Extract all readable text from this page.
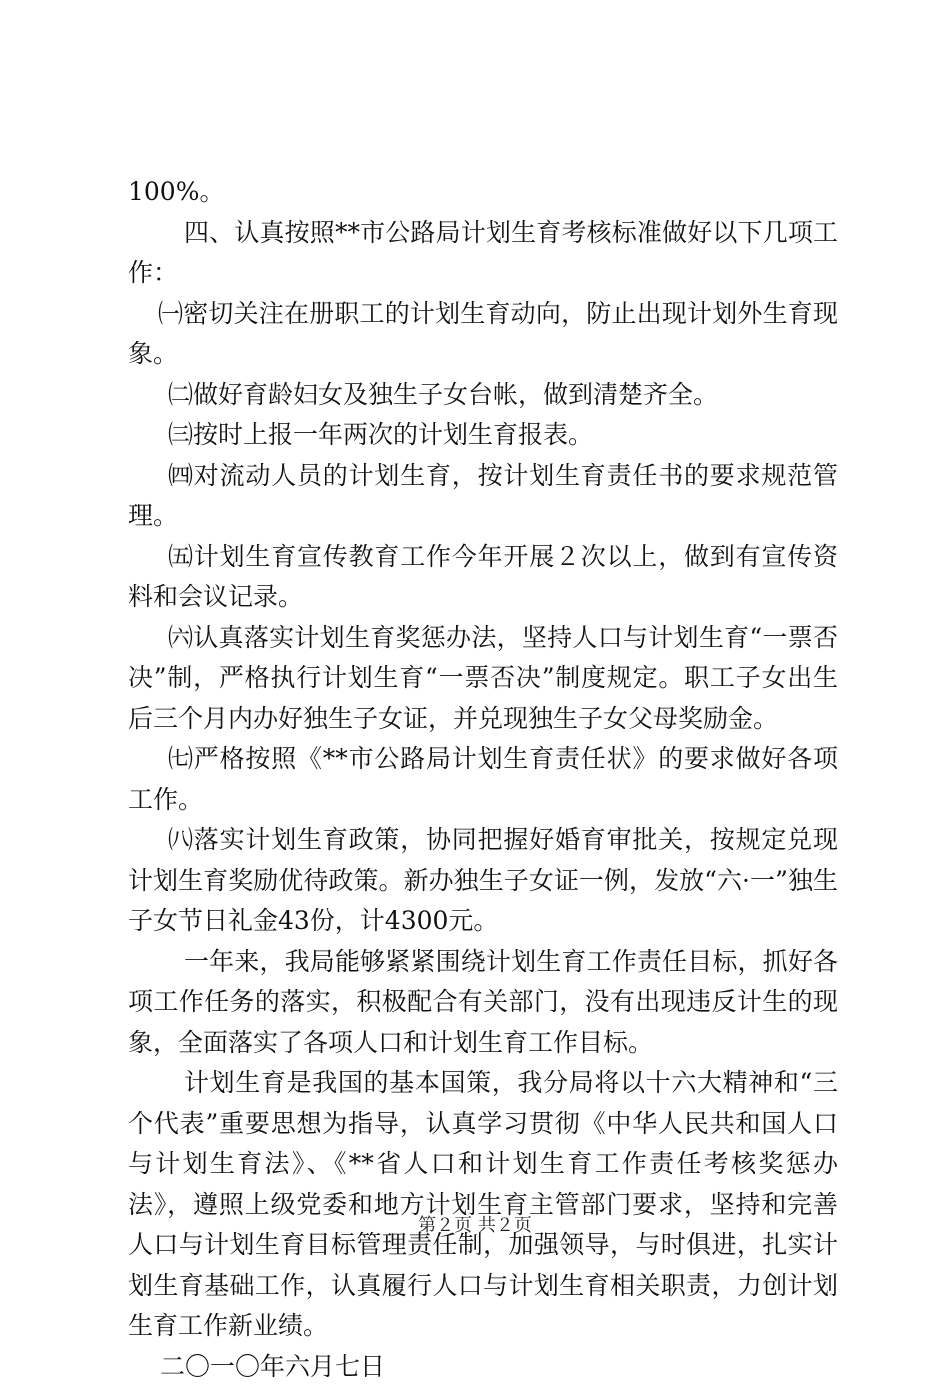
100%。

四、认真按照**市公路局计划生育考核标准做好以下几项工作：

㈠密切关注在册职工的计划生育动向，防止出现计划外生育现象。

㈡做好育龄妇女及独生子女台帐，做到清楚齐全。

㈢按时上报一年两次的计划生育报表。

㈣对流动人员的计划生育，按计划生育责任书的要求规范管理。

㈤计划生育宣传教育工作今年开展２次以上，做到有宣传资料和会议记录。

㈥认真落实计划生育奖惩办法，坚持人口与计划生育“一票否决”制，严格执行计划生育“一票否决”制度规定。职工子女出生后三个月内办好独生子女证，并兑现独生子女父母奖励金。

㈦严格按照《**市公路局计划生育责任状》的要求做好各项工作。

㈧落实计划生育政策，协同把握好婚育审批关，按规定兑现计划生育奖励优待政策。新办独生子女证一例，发放“六·一”独生子女节日礼金43份，计4300元。

一年来，我局能够紧紧围绕计划生育工作责任目标，抓好各项工作任务的落实，积极配合有关部门，没有出现违反计生的现象，全面落实了各项人口和计划生育工作目标。

计划生育是我国的基本国策，我分局将以十六大精神和“三个代表”重要思想为指导，认真学习贯彻《中华人民共和国人口与计划生育法》、《**省人口和计划生育工作责任考核奖惩办法》，遵照上级党委和地方计划生育主管部门要求，坚持和完善人口与计划生育目标管理责任制，加强领导，与时俱进，扎实计划生育基础工作，认真履行人口与计划生育相关职责，力创计划生育工作新业绩。

二〇一〇年六月七日

第２页 共２页
